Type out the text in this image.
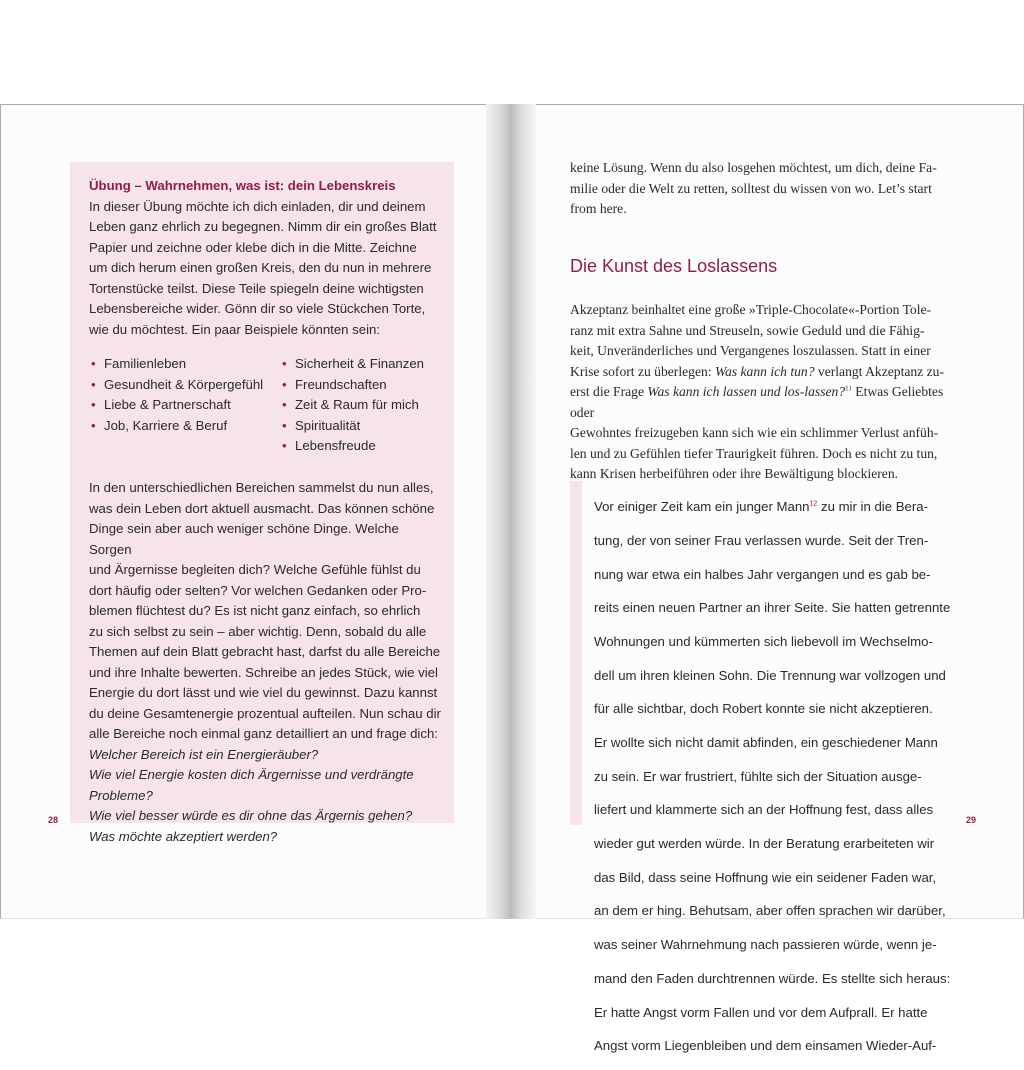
Übung – Wahrnehmen, was ist: dein Lebenskreis

In dieser Übung möchte ich dich einladen, dir und deinem

Leben ganz ehrlich zu begegnen. Nimm dir ein großes Blatt

Papier und zeichne oder klebe dich in die Mitte. Zeichne

um dich herum einen großen Kreis, den du nun in mehrere

Tortenstücke teilst. Diese Teile spiegeln deine wichtigsten

Lebensbereiche wider. Gönn dir so viele Stückchen Torte,

wie du möchtest. Ein paar Beispiele könnten sein:

• Familienleben
• Gesundheit & Körpergefühl
• Liebe & Partnerschaft
• Job, Karriere & Beruf
• Sicherheit & Finanzen
• Freundschaften
• Zeit & Raum für mich
• Spiritualität
• Lebensfreude

In den unterschiedlichen Bereichen sammelst du nun alles,

was dein Leben dort aktuell ausmacht. Das können schöne

Dinge sein aber auch weniger schöne Dinge. Welche Sorgen

und Ärgernisse begleiten dich? Welche Gefühle fühlst du

dort häufig oder selten? Vor welchen Gedanken oder Pro-

blemen flüchtest du? Es ist nicht ganz einfach, so ehrlich

zu sich selbst zu sein – aber wichtig. Denn, sobald du alle

Themen auf dein Blatt gebracht hast, darfst du alle Bereiche

und ihre Inhalte bewerten. Schreibe an jedes Stück, wie viel

Energie du dort lässt und wie viel du gewinnst. Dazu kannst

du deine Gesamtenergie prozentual aufteilen. Nun schau dir

alle Bereiche noch einmal ganz detailliert an und frage dich:

Welcher Bereich ist ein Energieräuber?

Wie viel Energie kosten dich Ärgernisse und verdrängte Probleme?

Wie viel besser würde es dir ohne das Ärgernis gehen?

Was möchte akzeptiert werden?

28

keine Lösung. Wenn du also losgehen möchtest, um dich, deine Fa-

milie oder die Welt zu retten, solltest du wissen von wo. Let’s start

from here.

Die Kunst des Loslassens

Akzeptanz beinhaltet eine große »Triple-Chocolate«-Portion Tole-

ranz mit extra Sahne und Streuseln, sowie Geduld und die Fähig-

keit, Unveränderliches und Vergangenes loszulassen. Statt in einer

Krise sofort zu überlegen: Was kann ich tun? verlangt Akzeptanz zu-

erst die Frage Was kann ich lassen und los-lassen?$^{11}$ Etwas Geliebtes oder

Gewohntes freizugeben kann sich wie ein schlimmer Verlust anfüh-

len und zu Gefühlen tiefer Traurigkeit führen. Doch es nicht zu tun,

kann Krisen herbeiführen oder ihre Bewältigung blockieren.

Vor einiger Zeit kam ein junger Mann$^{12}$ zu mir in die Bera-

tung, der von seiner Frau verlassen wurde. Seit der Tren-

nung war etwa ein halbes Jahr vergangen und es gab be-

reits einen neuen Partner an ihrer Seite. Sie hatten getrennte

Wohnungen und kümmerten sich liebevoll im Wechselmo-

dell um ihren kleinen Sohn. Die Trennung war vollzogen und

für alle sichtbar, doch Robert konnte sie nicht akzeptieren.

Er wollte sich nicht damit abfinden, ein geschiedener Mann

zu sein. Er war frustriert, fühlte sich der Situation ausge-

liefert und klammerte sich an der Hoffnung fest, dass alles

wieder gut werden würde. In der Beratung erarbeiteten wir

das Bild, dass seine Hoffnung wie ein seidener Faden war,

an dem er hing. Behutsam, aber offen sprachen wir darüber,

was seiner Wahrnehmung nach passieren würde, wenn je-

mand den Faden durchtrennen würde. Es stellte sich heraus:

Er hatte Angst vorm Fallen und vor dem Aufprall. Er hatte

Angst vorm Liegenbleiben und dem einsamen Wieder-Auf-

29
